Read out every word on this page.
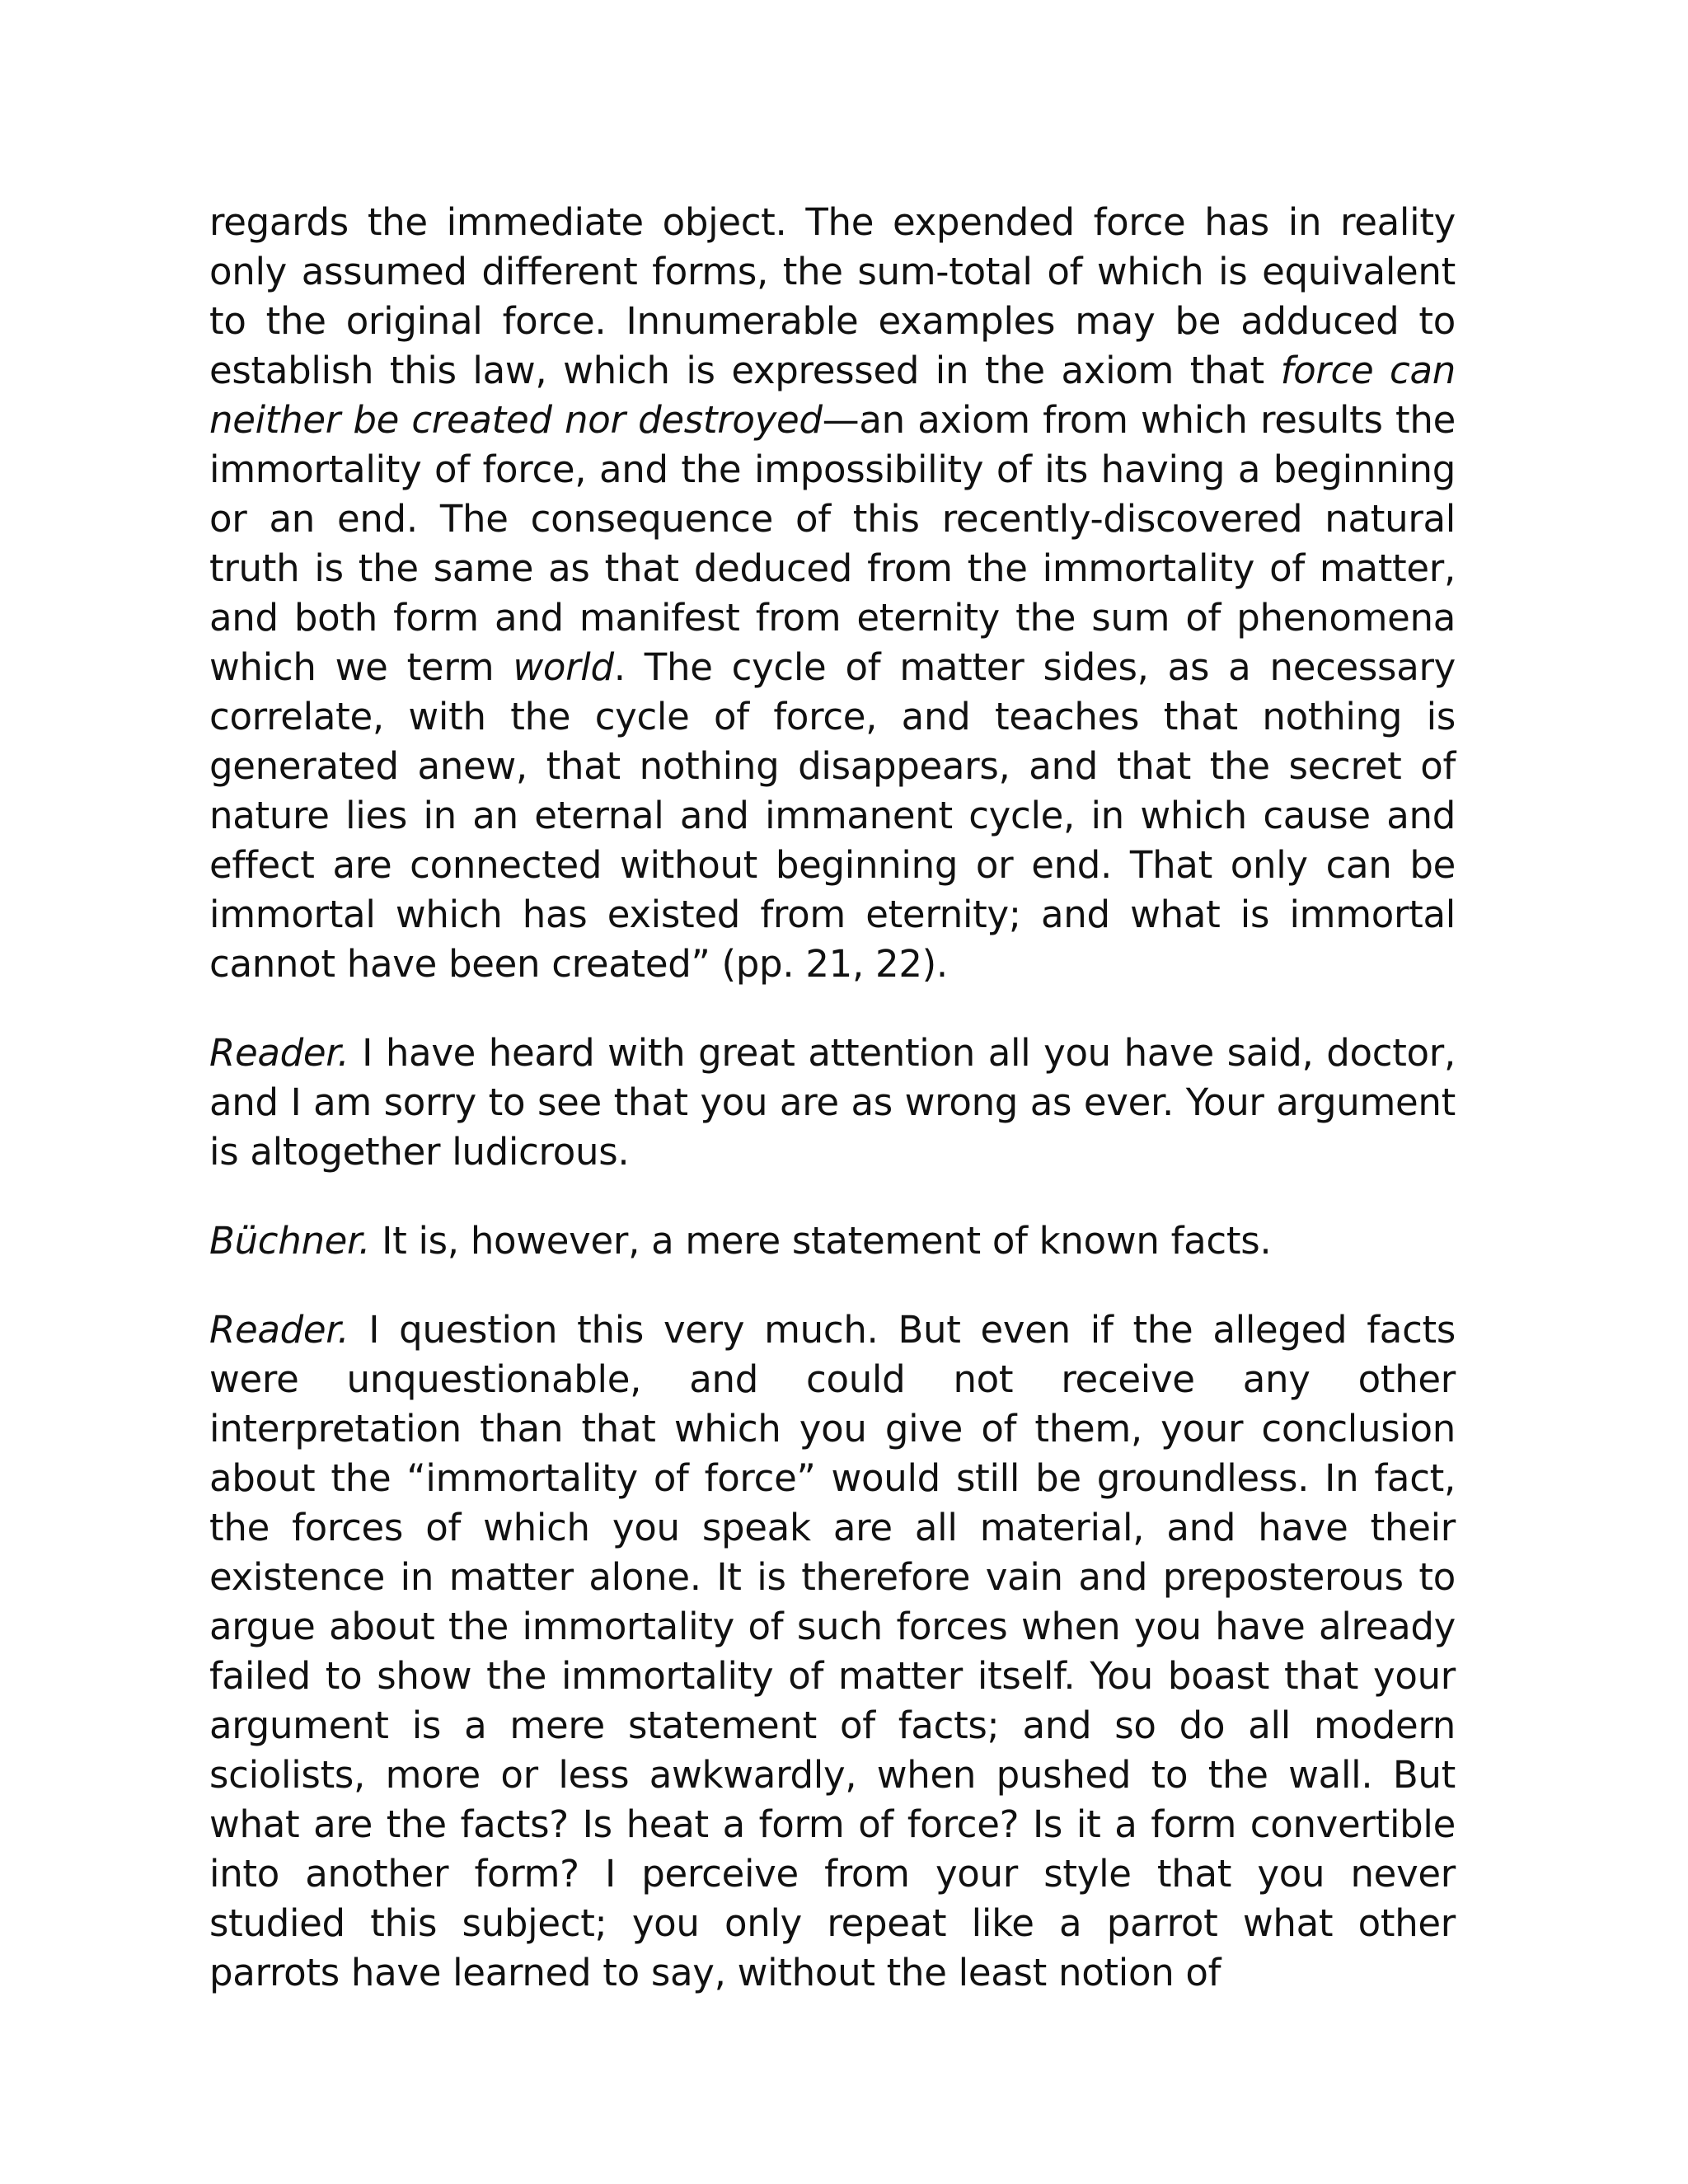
regards the immediate object. The expended force has in reality only assumed different forms, the sum-total of which is equivalent to the original force. Innumerable examples may be adduced to establish this law, which is expressed in the axiom that force can neither be created nor destroyed—an axiom from which results the immortality of force, and the impossibility of its having a beginning or an end. The consequence of this recently-discovered natural truth is the same as that deduced from the immortality of matter, and both form and manifest from eternity the sum of phenomena which we term world. The cycle of matter sides, as a necessary correlate, with the cycle of force, and teaches that nothing is generated anew, that nothing disappears, and that the secret of nature lies in an eternal and immanent cycle, in which cause and effect are connected without beginning or end. That only can be immortal which has existed from eternity; and what is immortal cannot have been created” (pp. 21, 22).

Reader. I have heard with great attention all you have said, doctor, and I am sorry to see that you are as wrong as ever. Your argument is altogether ludicrous.

Büchner. It is, however, a mere statement of known facts.

Reader. I question this very much. But even if the alleged facts were unquestionable, and could not receive any other interpretation than that which you give of them, your conclusion about the “immortality of force” would still be groundless. In fact, the forces of which you speak are all material, and have their existence in matter alone. It is therefore vain and preposterous to argue about the immortality of such forces when you have already failed to show the immortality of matter itself. You boast that your argument is a mere statement of facts; and so do all modern sciolists, more or less awkwardly, when pushed to the wall. But what are the facts? Is heat a form of force? Is it a form convertible into another form? I perceive from your style that you never studied this subject; you only repeat like a parrot what other parrots have learned to say, without the least notion of
